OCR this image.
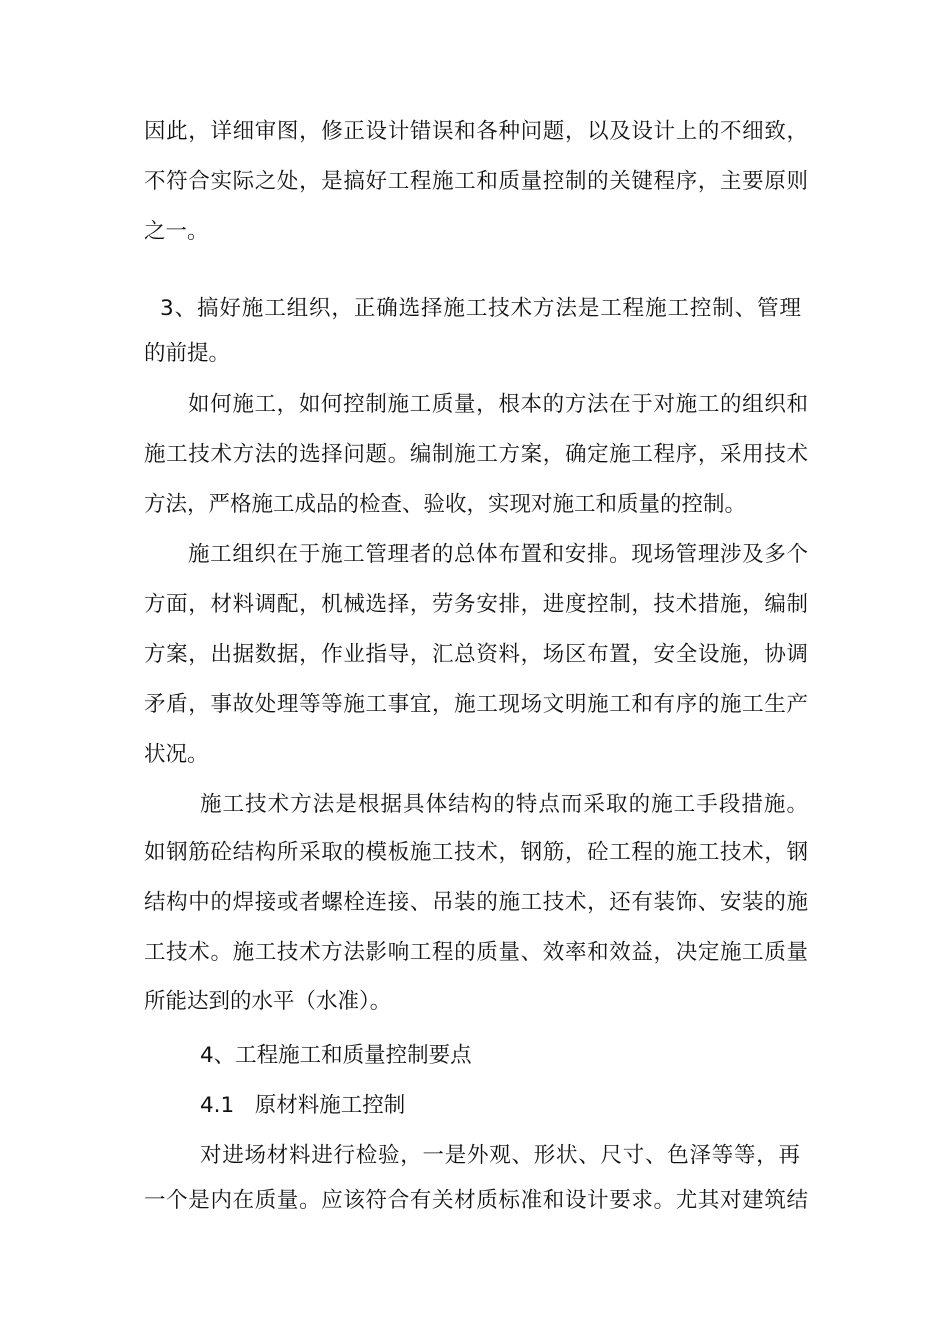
因此，详细审图，修正设计错误和各种问题，以及设计上的不细致，
不符合实际之处，是搞好工程施工和质量控制的关键程序，主要原则
之一。
3、搞好施工组织，正确选择施工技术方法是工程施工控制、管理
的前提。
如何施工，如何控制施工质量，根本的方法在于对施工的组织和
施工技术方法的选择问题。编制施工方案，确定施工程序，采用技术
方法，严格施工成品的检查、验收，实现对施工和质量的控制。
施工组织在于施工管理者的总体布置和安排。现场管理涉及多个
方面，材料调配，机械选择，劳务安排，进度控制，技术措施，编制
方案，出据数据，作业指导，汇总资料，场区布置，安全设施，协调
矛盾，事故处理等等施工事宜，施工现场文明施工和有序的施工生产
状况。
施工技术方法是根据具体结构的特点而采取的施工手段措施。
如钢筋砼结构所采取的模板施工技术，钢筋，砼工程的施工技术，钢
结构中的焊接或者螺栓连接、吊装的施工技术，还有装饰、安装的施
工技术。施工技术方法影响工程的质量、效率和效益，决定施工质量
所能达到的水平（水准）。
4、工程施工和质量控制要点
4.1   原材料施工控制
对进场材料进行检验，一是外观、形状、尺寸、色泽等等，再
一个是内在质量。应该符合有关材质标准和设计要求。尤其对建筑结
